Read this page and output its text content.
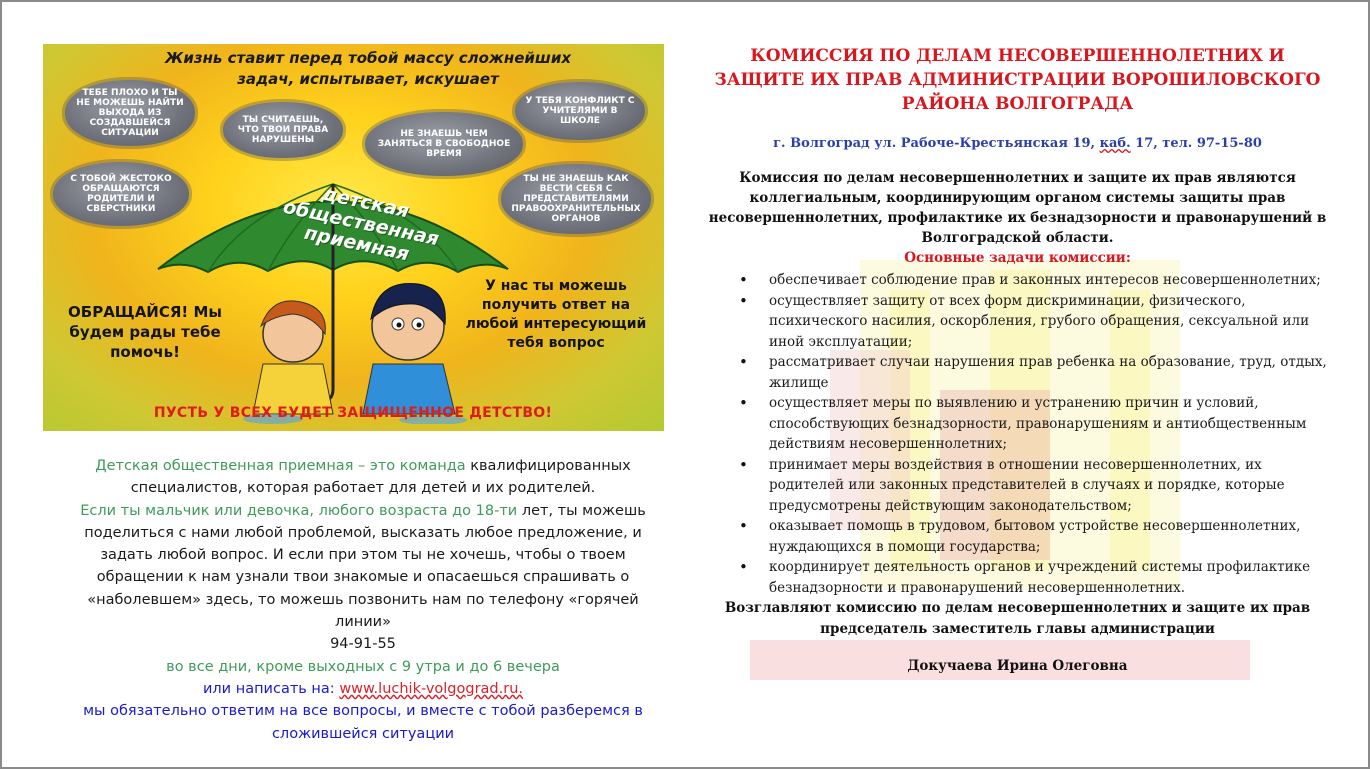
Жизнь ставит перед тобой массу сложнейших задач, испытывает, искушает
ТЕБЕ ПЛОХО И ТЫ НЕ МОЖЕШЬ НАЙТИ ВЫХОДА ИЗ СОЗДАВШЕЙСЯ СИТУАЦИИ
ТЫ СЧИТАЕШЬ, ЧТО ТВОИ ПРАВА НАРУШЕНЫ
НЕ ЗНАЕШЬ ЧЕМ ЗАНЯТЬСЯ В СВОБОДНОЕ ВРЕМЯ
У ТЕБЯ КОНФЛИКТ С УЧИТЕЛЯМИ В ШКОЛЕ
С ТОБОЙ ЖЕСТОКО ОБРАЩАЮТСЯ РОДИТЕЛИ И СВЕРСТНИКИ
ТЫ НЕ ЗНАЕШЬ КАК ВЕСТИ СЕБЯ С ПРЕДСТАВИТЕЛЯМИ ПРАВООХРАНИТЕЛЬНЫХ ОРГАНОВ
детская общественная приемная
ОБРАЩАЙСЯ! Мы будем рады тебе помочь!
У нас ты можешь получить ответ на любой интересующий тебя вопрос
ПУСТЬ У ВСЕХ БУДЕТ ЗАЩИЩЕННОЕ ДЕТСТВО!

Детская общественная приемная – это команда квалифицированных специалистов, которая работает для детей и их родителей.

Если ты мальчик или девочка, любого возраста до 18-ти лет, ты можешь поделиться с нами любой проблемой, высказать любое предложение, и задать любой вопрос. И если при этом ты не хочешь, чтобы о твоем обращении к нам узнали твои знакомые и опасаешься спрашивать о «наболевшем» здесь, то можешь позвонить нам по телефону «горячей линии»

94-91-55

во все дни, кроме выходных с 9 утра и до 6 вечера

или написать на: www.luchik-volgograd.ru.

мы обязательно ответим на все вопросы, и вместе с тобой разберемся в сложившейся ситуации

КОМИССИЯ ПО ДЕЛАМ НЕСОВЕРШЕННОЛЕТНИХ И ЗАЩИТЕ ИХ ПРАВ АДМИНИСТРАЦИИ ВОРОШИЛОВСКОГО РАЙОНА ВОЛГОГРАДА

г. Волгоград ул. Рабоче-Крестьянская 19, каб. 17, тел. 97-15-80

Комиссия по делам несовершеннолетних и защите их прав являются коллегиальным, координирующим органом системы защиты прав несовершеннолетних, профилактике их безнадзорности и правонарушений в Волгоградской области.

Основные задачи комиссии:

• обеспечивает соблюдение прав и законных интересов несовершеннолетних;
• осуществляет защиту от всех форм дискриминации, физического, психического насилия, оскорбления, грубого обращения, сексуальной или иной эксплуатации;
• рассматривает случаи нарушения прав ребенка на образование, труд, отдых, жилище
• осуществляет меры по выявлению и устранению причин и условий, способствующих безнадзорности, правонарушениям и антиобщественным действиям несовершеннолетних;
• принимает меры воздействия в отношении несовершеннолетних, их родителей или законных представителей в случаях и порядке, которые предусмотрены действующим законодательством;
• оказывает помощь в трудовом, бытовом устройстве несовершеннолетних, нуждающихся в помощи государства;
• координирует деятельность органов и учреждений системы профилактике безнадзорности и правонарушений несовершеннолетних.

Возглавляют комиссию по делам несовершеннолетних и защите их прав председатель заместитель главы администрации

Докучаева Ирина Олеговна
